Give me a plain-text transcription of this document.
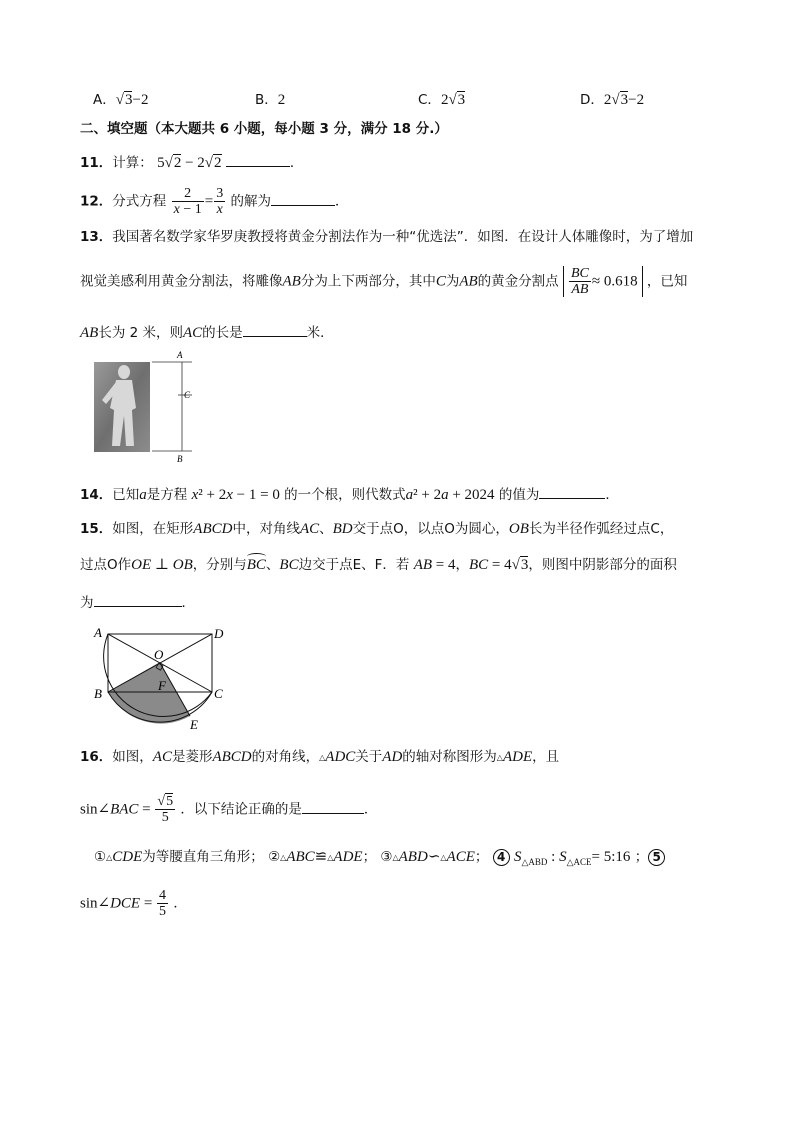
A．√3−2	B．2	C．2√3	D．2√3−2
二、填空题（本大题共 6 小题，每小题 3 分，满分 18 分.）
11．计算： 5√2 − 2√2	．
12．分式方程 $\frac{2}{x - 1} = \frac{3}{x}$ 的解为	．
13．我国著名数学家华罗庚教授将黄金分割法作为一种“优选法”．如图．在设计人体雕像时，为了增加
视觉美感利用黄金分割法，将雕像AB分为上下两部分，其中C为AB的黄金分割点 $\frac{BC}{AB} \approx 0.618$ ，已知
AB长为 2 米，则AC的长是	米．
A
C
B
14．已知a是方程 x² + 2x − 1 = 0 的一个根，则代数式a² + 2a + 2024 的值为	．
15．如图，在矩形ABCD中，对角线AC、BD交于点O，以点O为圆心，OB长为半径作弧经过点C，
过点O作OE ⊥ OB，分别与BC、BC边交于点E、F．若 AB = 4，BC = 4√3，则图中阴影部分的面积
为	．
A	D
O
B
F
C
E
16．如图，AC是菱形ABCD的对角线，△ADC关于AD的轴对称图形为△ADE，且
sin∠BAC = $\frac{√5}{5}$ ．以下结论正确的是	．
①△CDE为等腰直角三角形； ②△ABC≌△ADE； ③△ABD∽△ACE； 4 $S_{\triangle ABD}$ : $S_{\triangle ACE}=$ 5:16 ； 5
sin∠DCE = $\frac{4}{5}$ ．
